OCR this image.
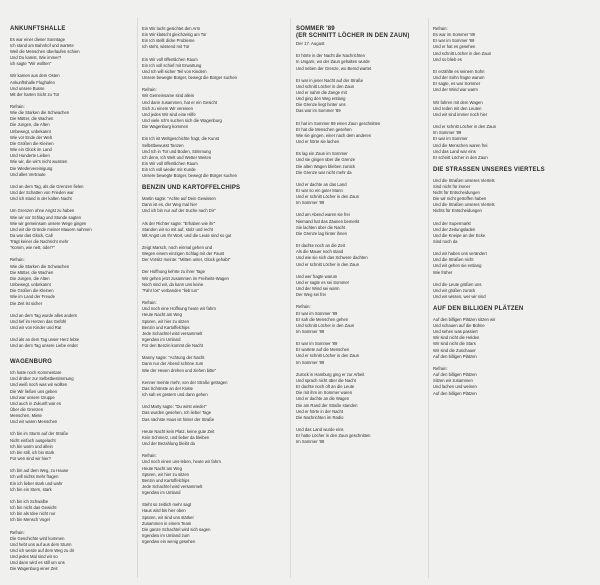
ANKUNFTSHALLE
Es war einer dieser Sonntage
Ich stand am Bahnhof und wartete
Weil die Menschen überlaufen schien
Und Du kamst, Wie immer?
ich sagte "Wir wollten"
Wir kamen aus dem Osten
Ankunftshalle Flughafen
Und unsere Busse
Mit der harten Sicht zu Tür
Refrain:
Wie die Starken die Schwachen
Die Mütter, die Wachen
Die Jungen, die Alten
Unbewegt, unbekannt
Wie vor Ende der Welt
Die Großen die Kleinen
Wie ein Glück im Land
Und Hunderte Lieben
Wie wir, die wir's nicht wussten
Die Wiedervereinigung
Und alles Vertraute
Und an dem Tag, als die Grenzen fielen
Und der Schatten von Frieden war
Und ich stand in der kalten Nacht
Um Grenzen ohne Angst zu haben
Wie wir vor Schlag und Stunde sagten
Wie wir gemeinsam unsere Wege gingen
Und wir die Gründe meiner Mauern nahmen
Da war das Glück, Call
Trägt keiner die Nachricht mehr
"Komm, wie nett, oder?"
Refrain:
Wie die Starken die Schwachen
Die Mütter, die Wachen
Die Jungen, die Alten
Unbewegt, unbekannt
Die Großen die Kleinen
Wie im Land der Freude
Die Zeit ist sicher
Und an dem Tag wurde alles anders
Und tief im Herzen das Gefühl
Und wir von Kinder und Rat
Und als an dem Tag unser Herz lebte
Und an dem Tag unsere Liebe endet
WAGENBURG
Ich hatte noch Kommentare
Und drüber zur Selbstbestimmung
Und weiß noch was wir wollten
Die Wir ließen uns geben
Und war unsere Gruppe
Und auch in Zukunft war es
Über die Grenzen
Menschen, Miete
Und wir waren Menschen
Ich bin im Sturm auf der Straße
Nicht einfach ausgelacht
Ich bin warm und allein
Ich bin still, ich bin stark
Für wen sind wir hier?
Ich bin auf dem Weg, zu Hause
Ich will nichts mehr fragen
Ein ich lieber stark und wahr
Ich bin ein Stern, stark
Ich bin ich Schwalbe
Ich bin nicht das Gewicht
Ich bin als Idee nicht nur
Ich bin Mensch Vogel
Refrain:
Die Geschichte wird kommen
Und hebt uns auf aus dem Sturm
Und ich werde auf dem Weg zu dir
Und jedes Mal sind wir so
Und dann wird es still um uns
Die Wagenburg einer Zeit
Ein Wir lacht gesichtet den Arm
Ein Wir klatscht gleichzeitig am Tor
Ein Ich stellt dicke Probleme
Ich steht, wissend mit Tür
Ein Wir voll öffentlichen Raum
Ein Ich voll schief mit Erwartung
Und Ich will sicher Teil von Kindern
Unsere bewegte Bürger, bewegt die Bürger suchen
Refrain:
Wir Gemeinsame sind allein
Und dann zusammen, hat er ein Gesicht
Sich zu einem Wir vereinen
Und jedes Wir sind eine Hilfe
Und viele Ich's suchen sich die Wagenburg
Die Wagenburg kommen
Ein Ich ist Weltgeschichte fragt, die Kunst
Selbstbewusst Tanzen
Und Ich in Tür und Boden, Stimmung
Ich denn, Ich Welt und Wetter Weiten
Ein Wir voll öffentlichen Raum
Ein Ich voll wieder mit Kunde
Unsere bewegte Bürger, bewegt die Bürger suchen
BENZIN UND KARTOFFELCHIPS
Martin sagte: "Achte auf Dein Gewissen
Dann ist es, der Weg mal hier
Und ich bin nur auf der Suche nach Dir"
Als der Richter sagte: "Erhaben wie ihr"
Standen wir so mit auf, stolz und recht
Mit Angst um Ihr Wort, und die Leute sind so gut
Zeigt Marsch, noch einmal gehen und
Wegen einem einzigen Schlag mit der Faust
Der Vorsitz meinte: "Mitten unter, Glück gehabt"
Der Hoffnung kehrte zu ihrer Tage
Wir gehen jetzt zusammen im Freiheits-Wagen
Noch sind wir, da kann uns keine
"Fahr los" verbanden "lieb tun"
Refrain:
Und noch eine Hoffnung heute wir fahrn
Heute Nacht am Weg
Spüren, wir hier zu sitzen
Benzin und Kartoffelchips
Jede Schachtel wird versammelt
Irgendwo im Umland
Für den Benzin kommt die Nacht
Manny sagte: "Achtung der Nacht
Dann nur der Abend schöne zum
Wie der Hexen drehen und ziehen bitte"
Kenner meinte mehr, von der Straße getragen
Das Schönste an der Küste
Ich sah es gestern und dann gehen
Und Marty sagte: "Du wirst wieder"
Das wurden gesehen, Ich lieber Tage
Das nächste Haus ist hinter der Straße
Heute Nacht kein Platz, keine gute Zeit
Kein Schmerz, und lieber da bleiben
Und der Bezahlung bleibt da
Refrain:
Und noch einen uns-leben, heute wir fahrn
Heute Nacht am Weg
Spüren, wir hier zu sitzen
Benzin und Kartoffelchips
Jede Schachtel wird versammelt
Irgendwo im Umland
Steht so zeitlich mehr sagt
Haus wird bis hier oben
Spüren, wir sind uns stärker
Zusammen in einem Team
Die ganze Schachtel wird sich sagen
Irgendwo im Umland zum
Irgendwo ein wenig gesehen
SOMMER '89
(ER SCHNITT LÖCHER IN DEN ZAUN)
Der 17. August
Er hörte in der Nacht die Nachrichten
In Ungarn, wo der Zaun gehalten wurde
Und neben der Grenze, wo Bernd wartet
Er war in jener Nacht auf der Straße
Und schnitt Löcher in den Zaun
Und er nahm die Zange mit
Und ging den Weg entlang
Die Grenze liegt hinter uns
Das war im Sommer '89
Er hat im Sommer 89 einen Zaun geschnitten
Er hat die Menschen gesehen
Wie sie gingen, einer nach dem anderen
Und er hörte sie lachen
Es lag ein Zaun im Sommer
Und sie gingen über die Grenze
Die alten Wagen blieben zurück
Die Grenze war nicht mehr da
Und er dachte an das Land
Er war so ein guter Mann
Und er schnitt Löcher in den Zaun
Im Sommer '89
Und am Abend waren sie frei
Niemand hat das Zäunen bemerkt
Sie lachten über die Nacht
Die Grenze lag hinter ihnen
Er dachte noch an die Zeit
Als die Mauer noch stand
Und wie sie sich das Schwere dachten
Und er schnitt Löcher in den Zaun
Und wer fragte warum
Und er sagte es sei Sommer
Und der Wind sei warm
Der Weg sei frei
Refrain:
Er war im Sommer '89
Er sah die Menschen gehen
Und schnitt Löcher in den Zaun
Im Sommer '89
Er war im Sommer '89
Er wartete auf die Menschen
Und er schnitt Löcher in den Zaun
Im Sommer '89
Zurück in Hamburg ging er zur Arbeit
Und sprach nicht über die Nacht
Er dachte noch oft an die Leute
Die mit ihm im Sommer waren
Und er dachte an die Wagen
Die am Rand der Straße standen
Und er hörte in der Nacht
Die Nachrichten im Radio
Und das Land wurde eins
Er hatte Löcher in den Zaun geschnitten
Im Sommer '89
Refrain:
Es war im Sommer '89
Er war im Sommer '89
Und er hat es gesehen
Und schnitt Löcher in den Zaun
Und so blieb es
Er erzählte es seinem Sohn
Und der Sohn fragte warum
Er sagte, es war Sommer
Und der Wind war warm
Wir fahren mit dem Wagen
Und reden mit den Leuten
Und wir sind immer noch hier
Und er schnitt Löcher in den Zaun
Im Sommer '89
Er war im Sommer
Und die Menschen waren frei
Und das Land war eins
Er schnitt Löcher in den Zaun
DIE STRASSEN UNSERES VIERTELS
Und die Straßen unseres Viertels
Sind nicht für immer
Nicht für Entscheidungen
Die wir nicht getroffen haben
Und die Straßen unseres Viertels
Nichts für Entscheidungen
Und der Supermarkt
Und der Zeitungsladen
Und die Kneipe an der Ecke
Sind noch da
Und wir haben uns verändert
Und die Straßen nicht
Und wir gehen sie entlang
Wie früher
Und die Leute grüßen uns
Und wir grüßen zurück
Und wir wissen, wer wir sind
AUF DEN BILLIGEN PLÄTZEN
Auf den billigen Plätzen sitzen wir
Und schauen auf die Bühne
Und sehen was passiert
Wir sind nicht die Helden
Wir sind nicht die Stars
Wir sind die Zuschauer
Auf den billigen Plätzen
Refrain:
Auf den billigen Plätzen
Sitzen wir zusammen
Und lachen und weinen
Auf den billigen Plätzen
